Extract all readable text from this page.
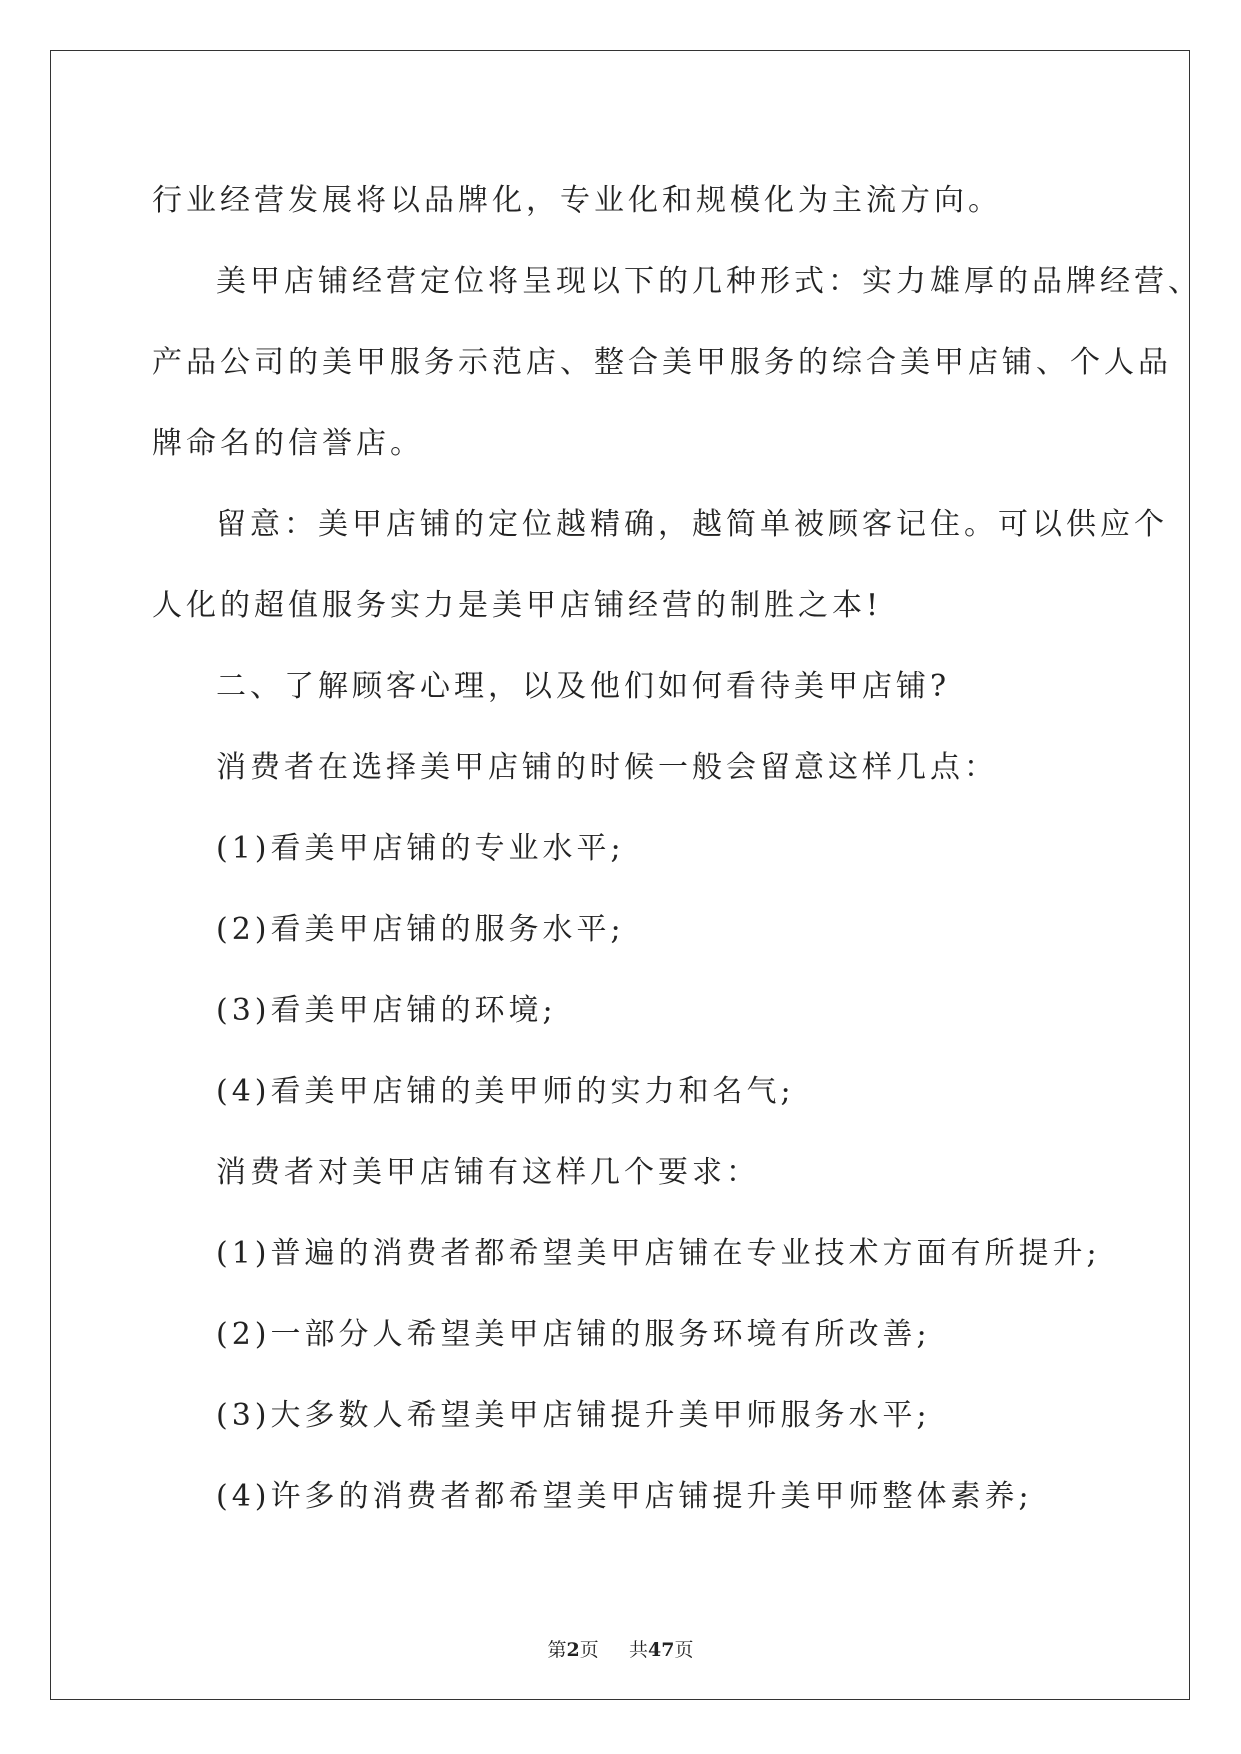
行业经营发展将以品牌化，专业化和规模化为主流方向。
美甲店铺经营定位将呈现以下的几种形式：实力雄厚的品牌经营、
产品公司的美甲服务示范店、整合美甲服务的综合美甲店铺、个人品
牌命名的信誉店。
留意：美甲店铺的定位越精确，越简单被顾客记住。可以供应个
人化的超值服务实力是美甲店铺经营的制胜之本!
二、了解顾客心理，以及他们如何看待美甲店铺?
消费者在选择美甲店铺的时候一般会留意这样几点：
(1)看美甲店铺的专业水平;
(2)看美甲店铺的服务水平;
(3)看美甲店铺的环境;
(4)看美甲店铺的美甲师的实力和名气;
消费者对美甲店铺有这样几个要求：
(1)普遍的消费者都希望美甲店铺在专业技术方面有所提升;
(2)一部分人希望美甲店铺的服务环境有所改善;
(3)大多数人希望美甲店铺提升美甲师服务水平;
(4)许多的消费者都希望美甲店铺提升美甲师整体素养;
第2页 共47页
